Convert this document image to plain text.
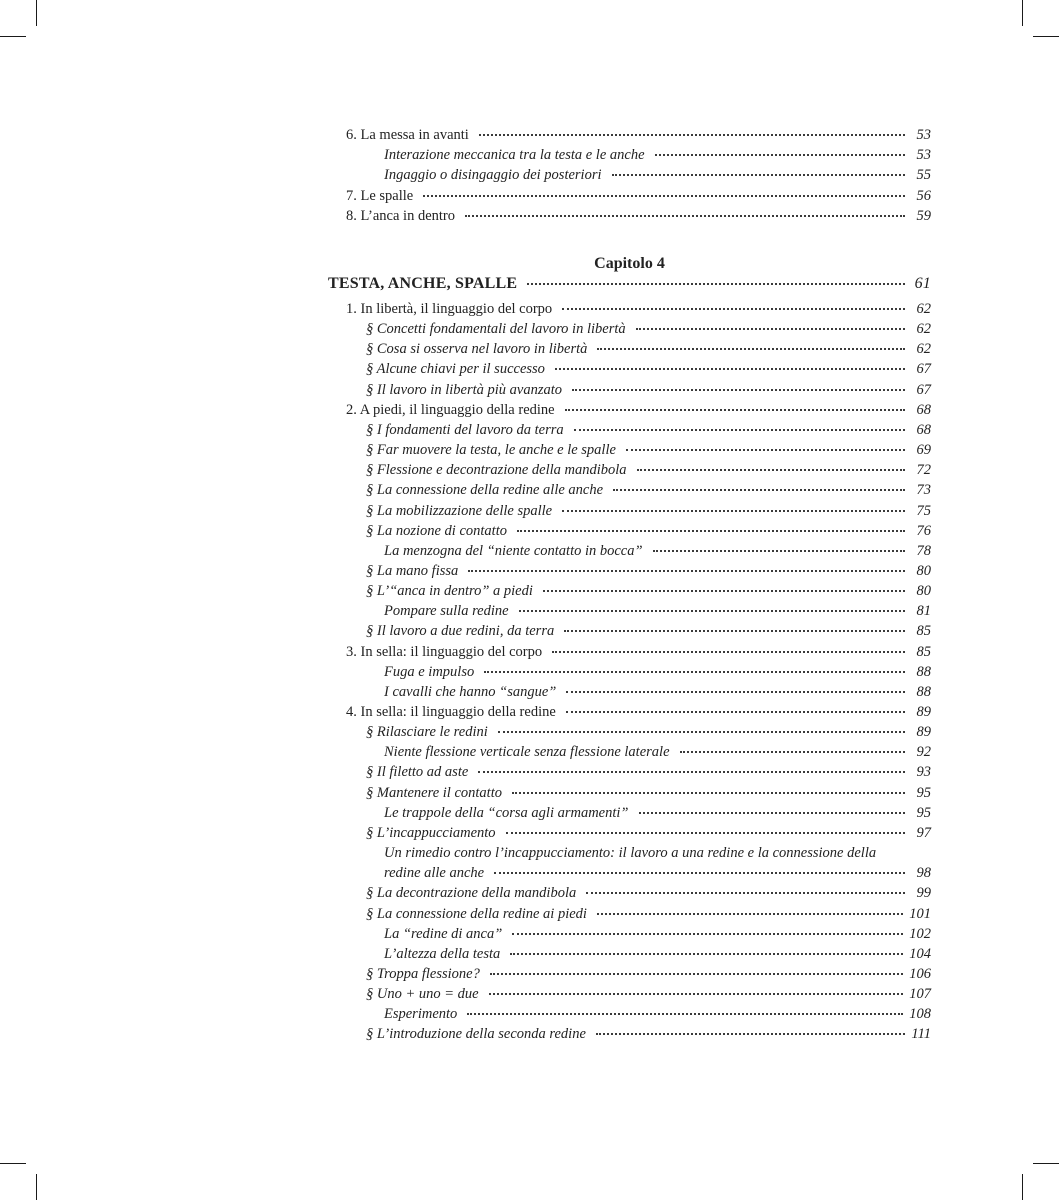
Capitolo 4
6. La messa in avanti	53
Interazione meccanica tra la testa e le anche	53
Ingaggio o disingaggio dei posteriori	55
7. Le spalle	56
8. L’anca in dentro	59
TESTA, ANCHE, SPALLE	61
1. In libertà, il linguaggio del corpo	62
§ Concetti fondamentali del lavoro in libertà	62
§ Cosa si osserva nel lavoro in libertà	62
§ Alcune chiavi per il successo	67
§ Il lavoro in libertà più avanzato	67
2. A piedi, il linguaggio della redine	68
§ I fondamenti del lavoro da terra	68
§ Far muovere la testa, le anche e le spalle	69
§ Flessione e decontrazione della mandibola	72
§ La connessione della redine alle anche	73
§ La mobilizzazione delle spalle	75
§ La nozione di contatto	76
La menzogna del “niente contatto in bocca”	78
§ La mano fissa	80
§ L’“anca in dentro” a piedi	80
Pompare sulla redine	81
§ Il lavoro a due redini, da terra	85
3. In sella: il linguaggio del corpo	85
Fuga e impulso	88
I cavalli che hanno “sangue”	88
4. In sella: il linguaggio della redine	89
§ Rilasciare le redini	89
Niente flessione verticale senza flessione laterale	92
§ Il filetto ad aste	93
§ Mantenere il contatto	95
Le trappole della “corsa agli armamenti”	95
§ L’incappucciamento	97
Un rimedio contro l’incappucciamento: il lavoro a una redine e la connessione della
redine alle anche	98
§ La decontrazione della mandibola	99
§ La connessione della redine ai piedi	101
La “redine di anca”	102
L’altezza della testa	104
§ Troppa flessione?	106
§ Uno + uno = due	107
Esperimento	108
§ L’introduzione della seconda redine	111
